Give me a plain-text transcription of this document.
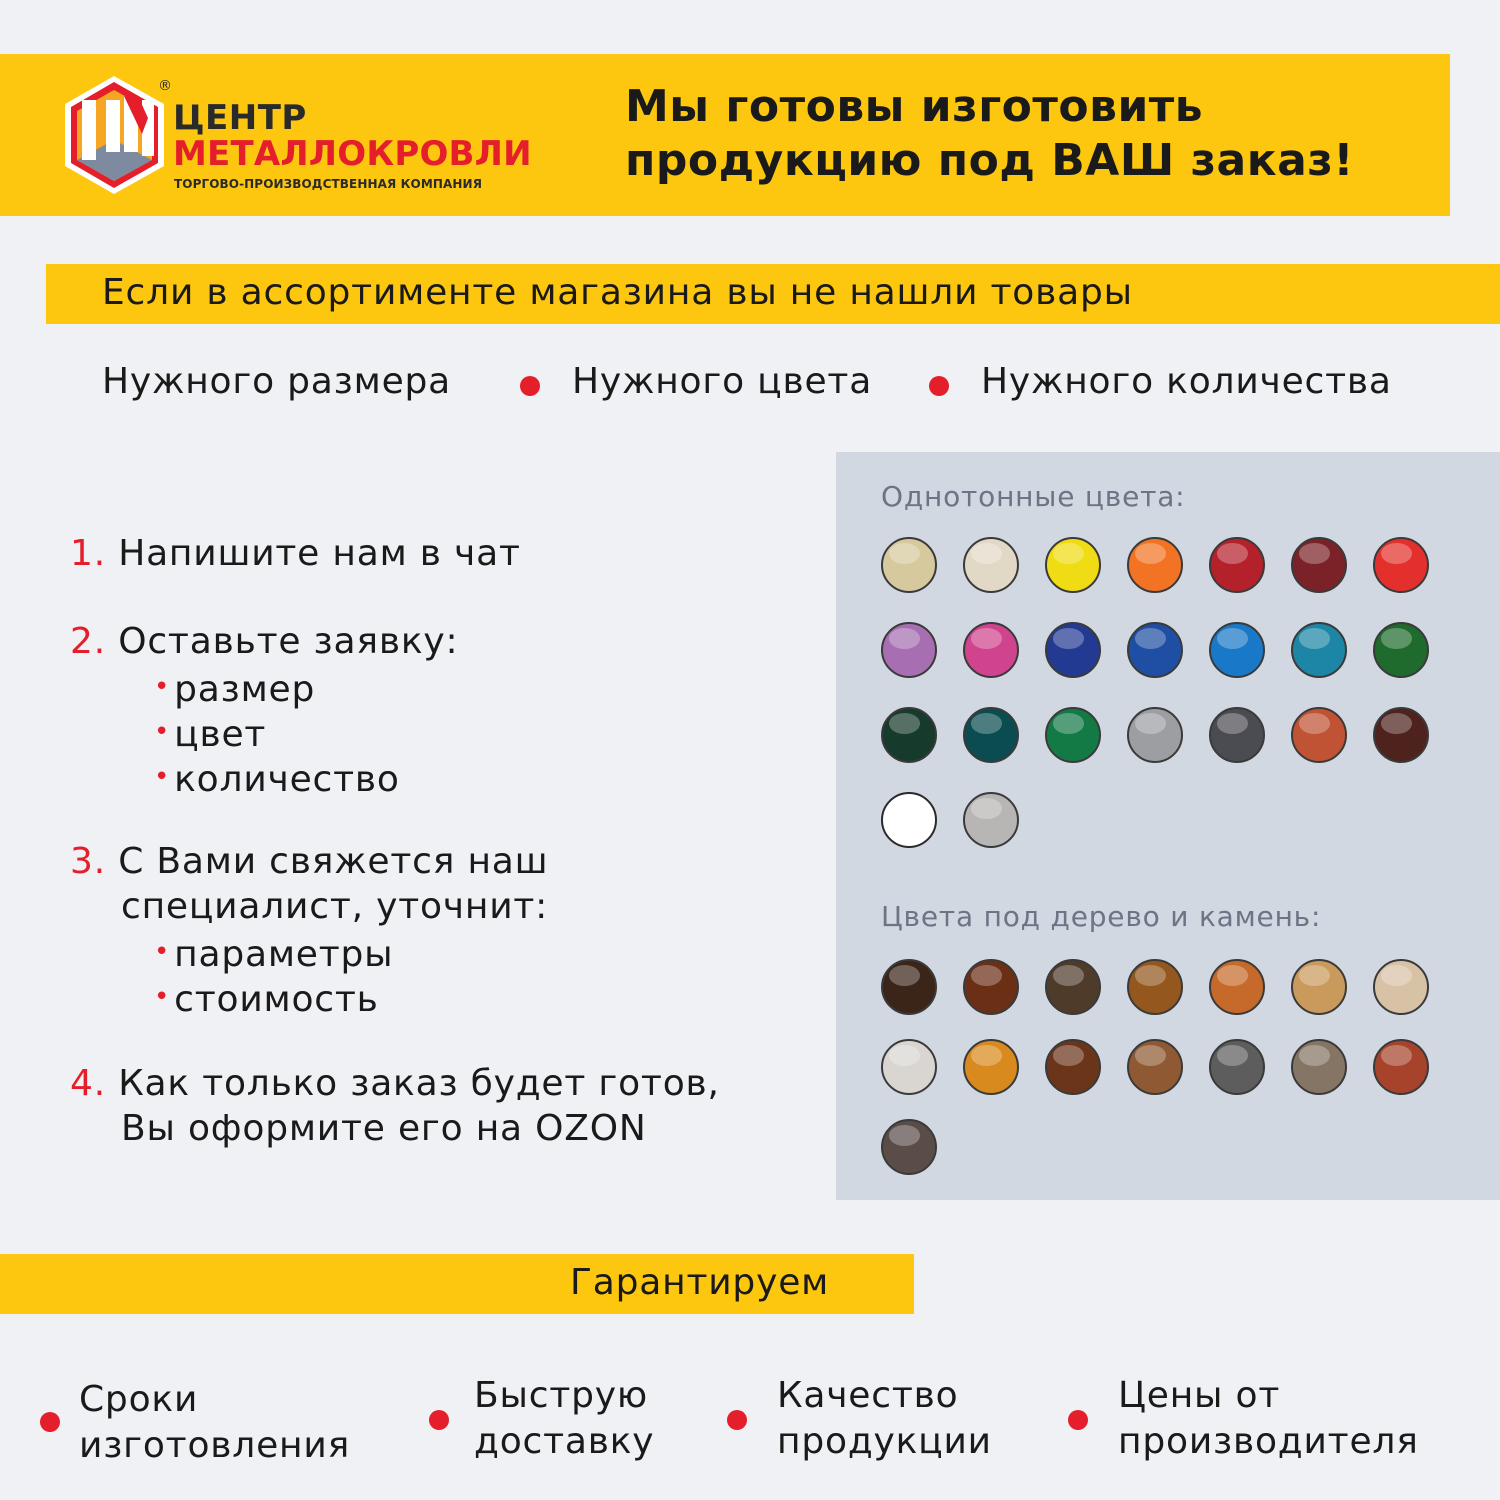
®
ЦЕНТР
МЕТАЛЛОКРОВЛИ
ТОРГОВО-ПРОИЗВОДСТВЕННАЯ КОМПАНИЯ
Мы готовы изготовить
продукцию под ВАШ заказ!
Если в ассортименте магазина вы не нашли товары
Нужного размера	Нужного цвета	Нужного количества
1. Напишите нам в чат
2. Оставьте заявку:
• размер
• цвет
• количество
3. С Вами свяжется наш
специалист, уточнит:
• параметры
• стоимость
4. Как только заказ будет готов,
Вы оформите его на OZON
Однотонные цвета:
Цвета под дерево и камень:
Гарантируем
Сроки
изготовления
Быструю
доставку
Качество
продукции
Цены от
производителя
